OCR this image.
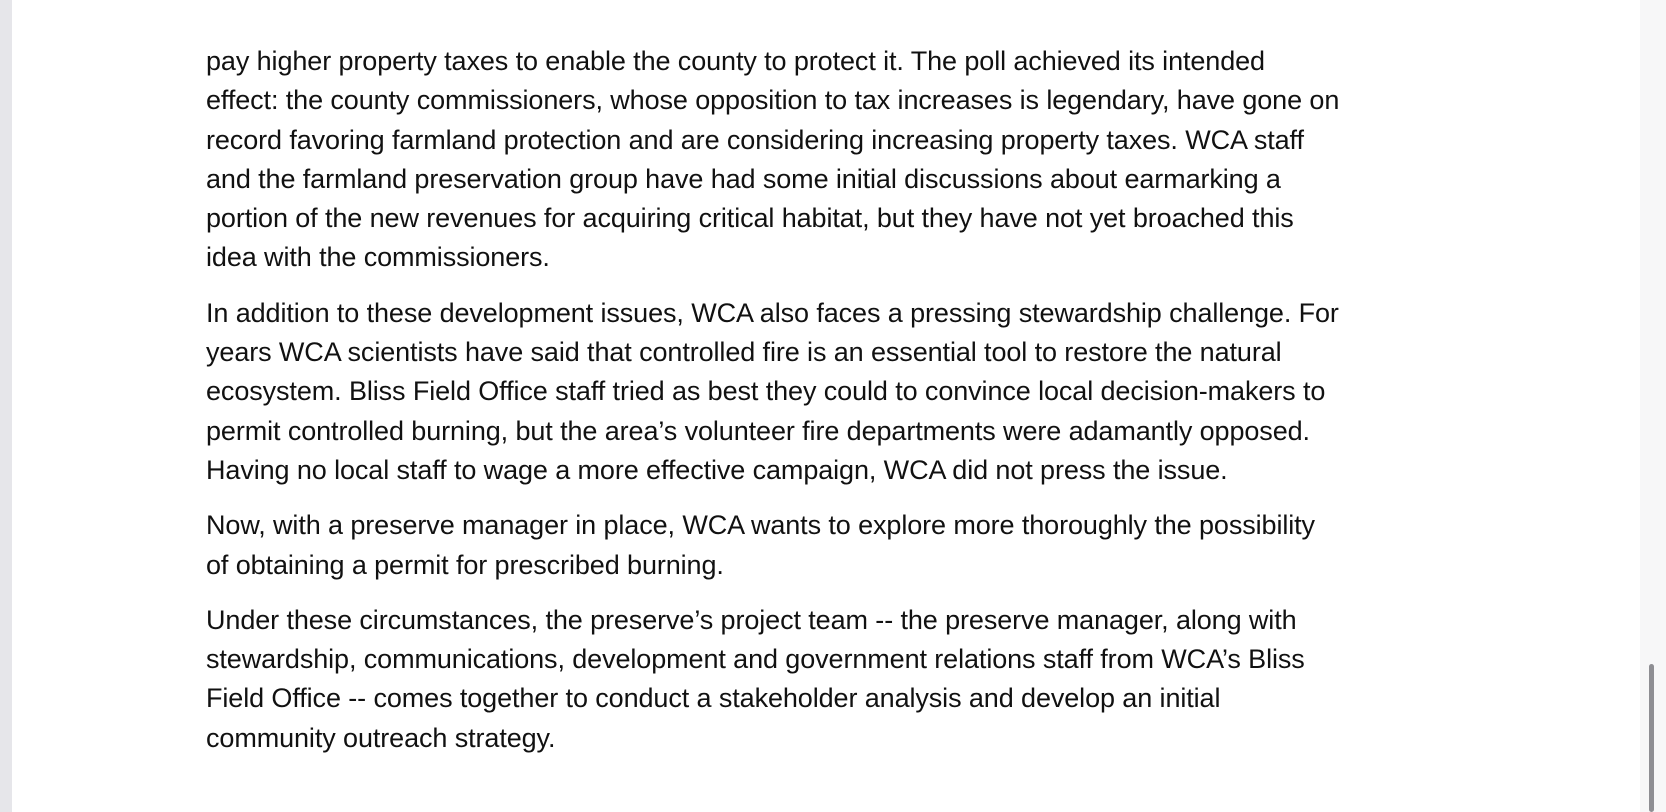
pay higher property taxes to enable the county to protect it. The poll achieved its intended
effect: the county commissioners, whose opposition to tax increases is legendary, have gone on
record favoring farmland protection and are considering increasing property taxes. WCA staff
and the farmland preservation group have had some initial discussions about earmarking a
portion of the new revenues for acquiring critical habitat, but they have not yet broached this
idea with the commissioners.

In addition to these development issues, WCA also faces a pressing stewardship challenge. For
years WCA scientists have said that controlled fire is an essential tool to restore the natural
ecosystem. Bliss Field Office staff tried as best they could to convince local decision-makers to
permit controlled burning, but the area’s volunteer fire departments were adamantly opposed.
Having no local staff to wage a more effective campaign, WCA did not press the issue.

Now, with a preserve manager in place, WCA wants to explore more thoroughly the possibility
of obtaining a permit for prescribed burning.

Under these circumstances, the preserve’s project team -- the preserve manager, along with
stewardship, communications, development and government relations staff from WCA’s Bliss
Field Office -- comes together to conduct a stakeholder analysis and develop an initial
community outreach strategy.
